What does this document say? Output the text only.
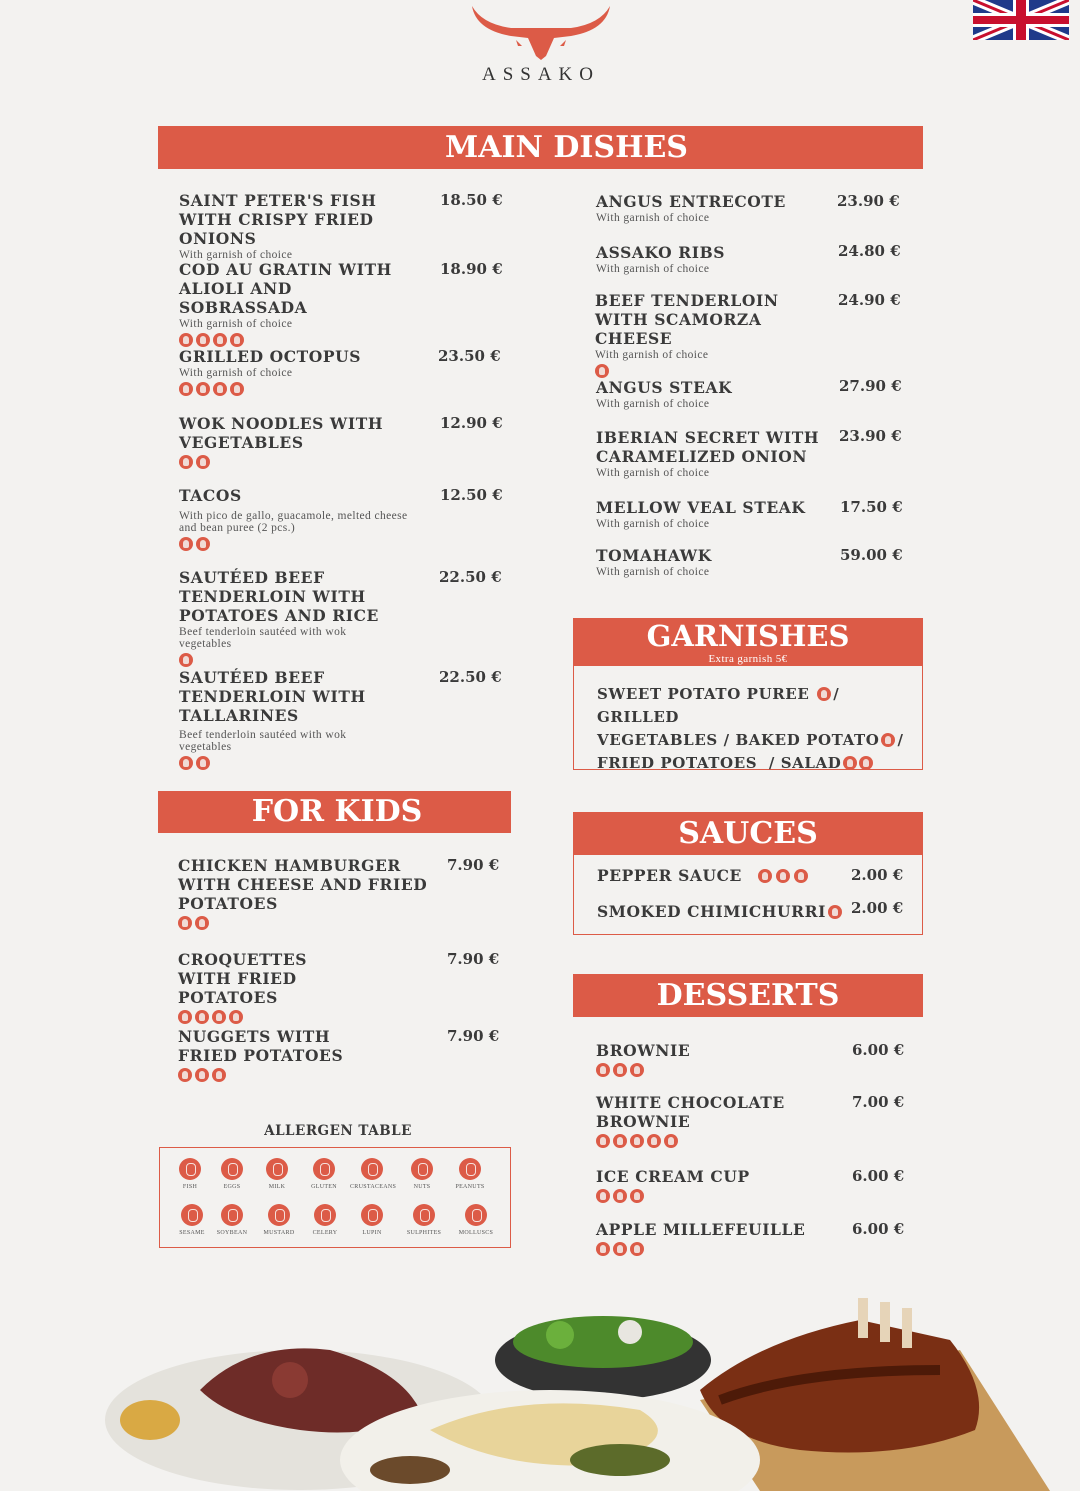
ASSAKO
MAIN DISHES
SAINT PETER'S FISH WITH CRISPY FRIED ONIONS
With garnish of choice
18.50 €
COD AU GRATIN WITH ALIOLI AND SOBRASSADA
With garnish of choice
18.90 €
GRILLED OCTOPUS
With garnish of choice
23.50 €
WOK NOODLES WITH VEGETABLES
12.90 €
TACOS
With pico de gallo, guacamole, melted cheese and bean puree (2 pcs.)
12.50 €
SAUTÉED BEEF TENDERLOIN WITH POTATOES AND RICE
Beef tenderloin sautéed with wok vegetables
22.50 €
SAUTÉED BEEF TENDERLOIN WITH TALLARINES
Beef tenderloin sautéed with wok vegetables
22.50 €
ANGUS ENTRECOTE
With garnish of choice
23.90 €
ASSAKO RIBS
With garnish of choice
24.80 €
BEEF TENDERLOIN WITH SCAMORZA CHEESE
With garnish of choice
24.90 €
ANGUS STEAK
With garnish of choice
27.90 €
IBERIAN SECRET WITH CARAMELIZED ONION
With garnish of choice
23.90 €
MELLOW VEAL STEAK
With garnish of choice
17.50 €
TOMAHAWK
With garnish of choice
59.00 €
GARNISHES
Extra garnish 5€
SWEET POTATO PUREE / GRILLED
VEGETABLES / BAKED POTATO /
FRIED POTATOES  / SALAD
FOR KIDS
CHICKEN HAMBURGER WITH CHEESE AND FRIED POTATOES
7.90 €
CROQUETTES WITH FRIED POTATOES
7.90 €
NUGGETS WITH FRIED POTATOES
7.90 €
SAUCES
PEPPER SAUCE	2.00 €
SMOKED CHIMICHURRI	2.00 €
DESSERTS
BROWNIE	6.00 €
WHITE CHOCOLATE BROWNIE
7.00 €
ICE CREAM CUP	6.00 €
APPLE MILLEFEUILLE	6.00 €
ALLERGEN TABLE
FISH	EGGS	MILK	GLUTEN	CRUSTACEANS	NUTS	PEANUTS
SESAME	SOYBEAN	MUSTARD	CELERY	LUPIN	SULPHITES	MOLLUSCS
